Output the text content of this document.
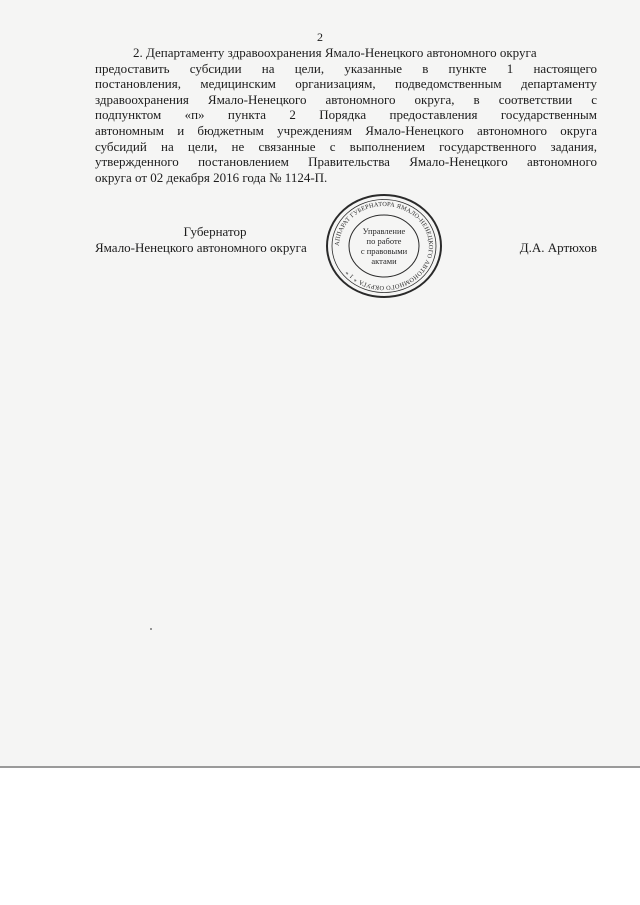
2
2. Департаменту здравоохранения Ямало-Ненецкого автономного округа
предоставить субсидии на цели, указанные в пункте 1 настоящего
постановления, медицинским организациям, подведомственным департаменту
здравоохранения Ямало-Ненецкого автономного округа, в соответствии с
подпунктом «п» пункта 2 Порядка предоставления государственным
автономным и бюджетным учреждениям Ямало-Ненецкого автономного округа
субсидий на цели, не связанные с выполнением государственного задания,
утвержденного постановлением Правительства Ямало-Ненецкого автономного
округа от 02 декабря 2016 года № 1124-П.
Губернатор
Ямало-Ненецкого автономного округа	Д.А. Артюхов
АППАРАТ ГУБЕРНАТОРА ЯМАЛО-НЕНЕЦКОГО АВТОНОМНОГО ОКРУГА * 1 *
Управление
по работе
с правовыми
актами
